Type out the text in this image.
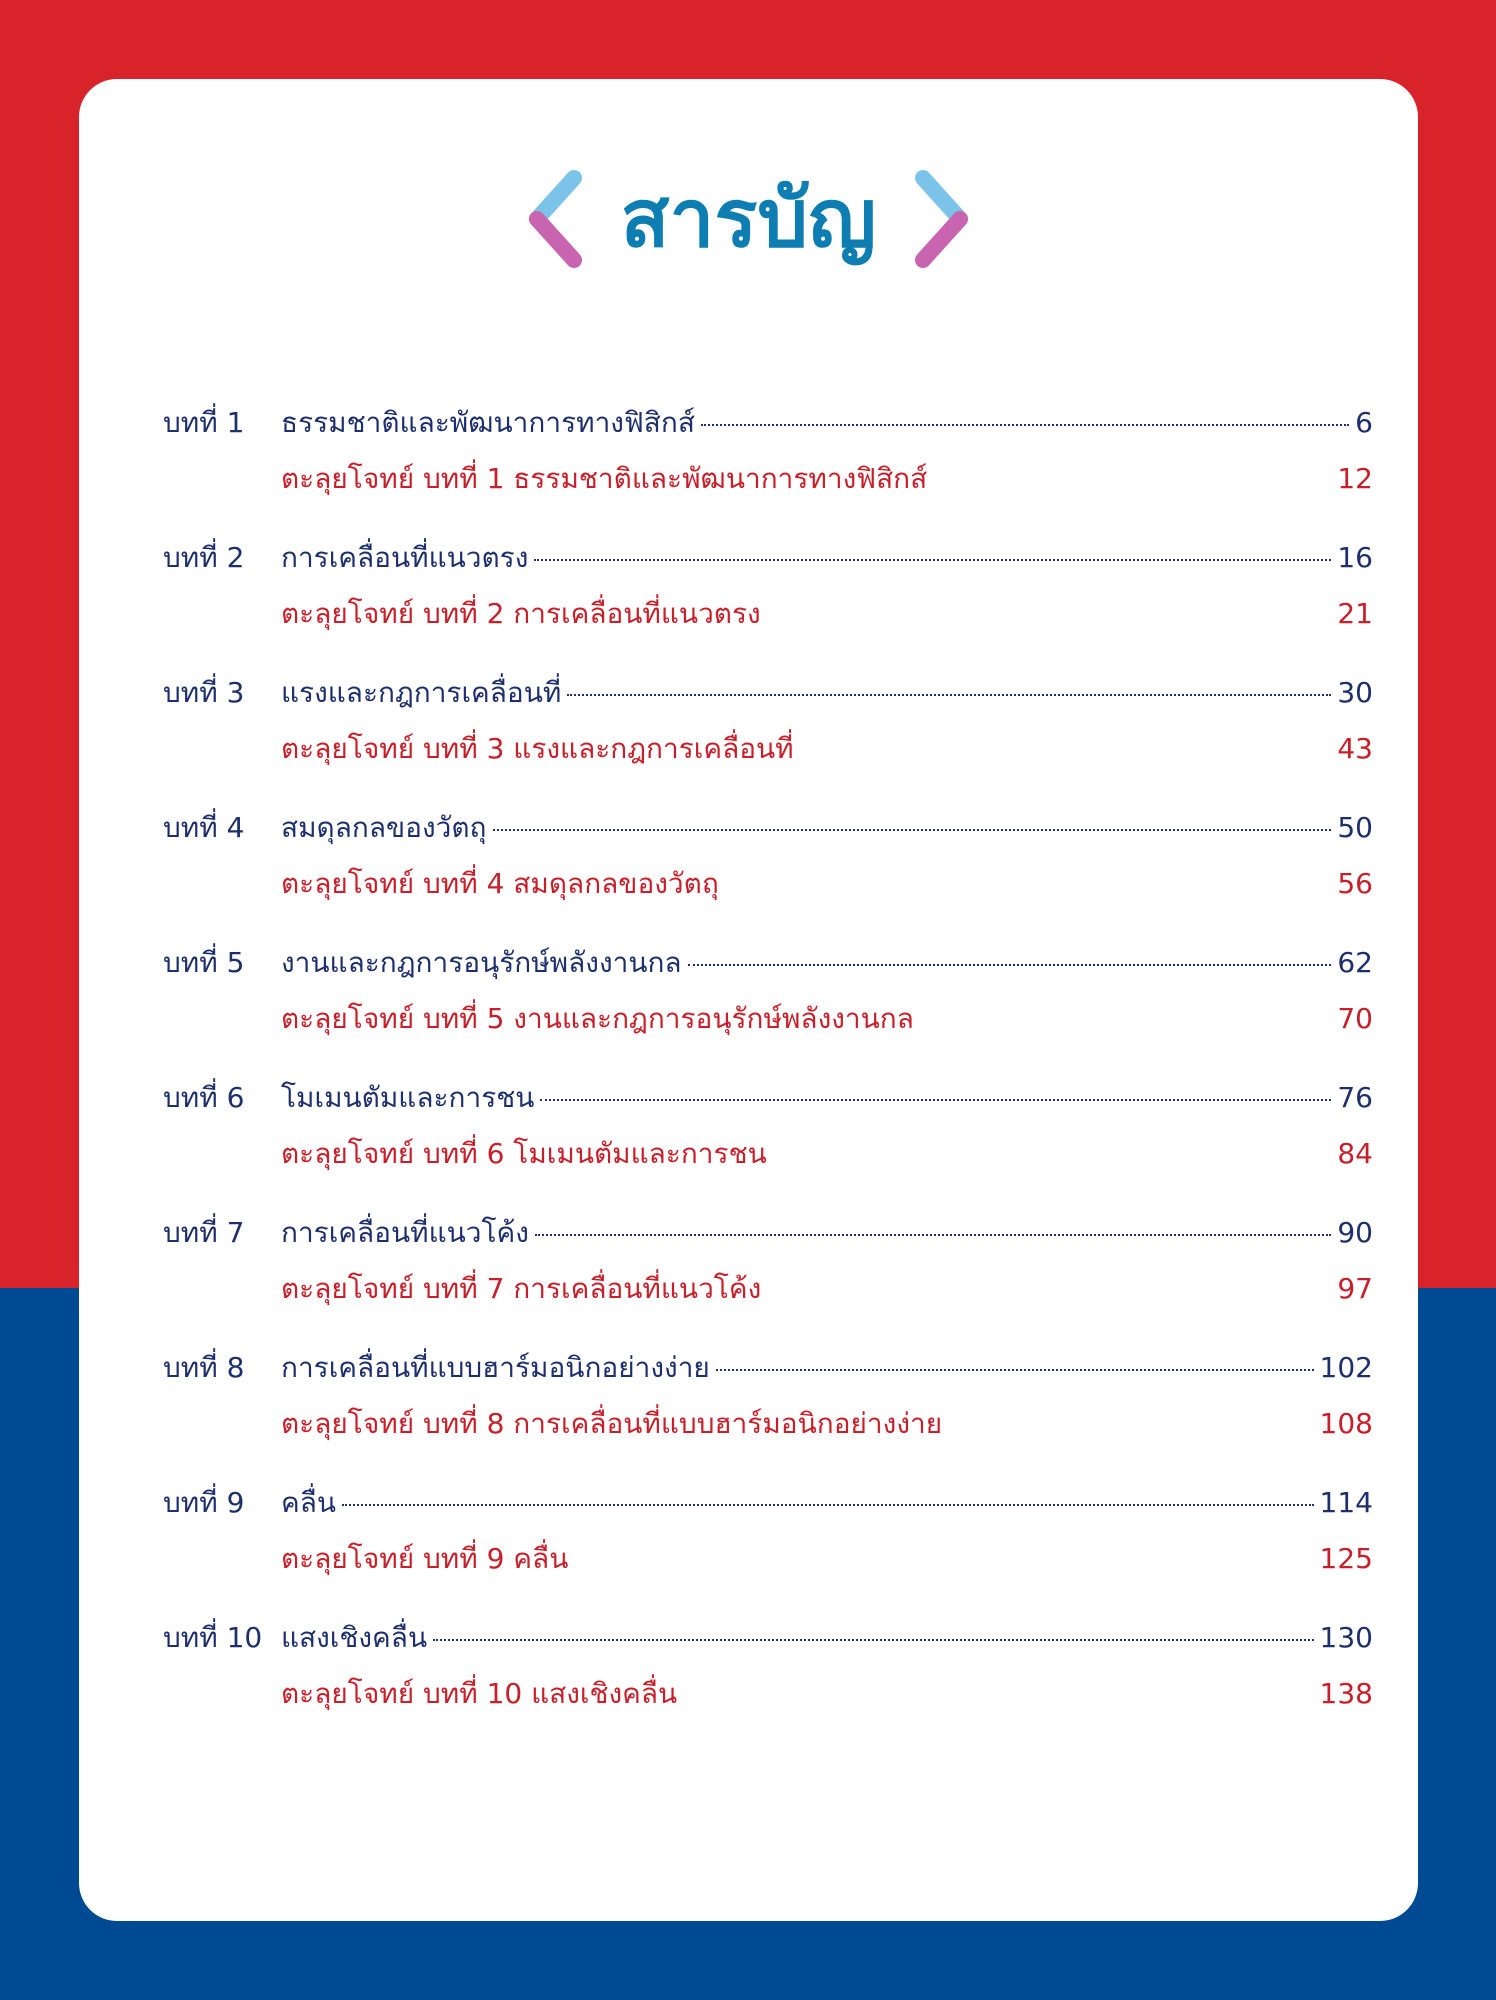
สารบัญ
บทที่ 1	ธรรมชาติและพัฒนาการทางฟิสิกส์	6
ตะลุยโจทย์ บทที่ 1 ธรรมชาติและพัฒนาการทางฟิสิกส์	12
บทที่ 2	การเคลื่อนที่แนวตรง	16
ตะลุยโจทย์ บทที่ 2 การเคลื่อนที่แนวตรง	21
บทที่ 3	แรงและกฎการเคลื่อนที่	30
ตะลุยโจทย์ บทที่ 3 แรงและกฎการเคลื่อนที่	43
บทที่ 4	สมดุลกลของวัตถุ	50
ตะลุยโจทย์ บทที่ 4 สมดุลกลของวัตถุ	56
บทที่ 5	งานและกฎการอนุรักษ์พลังงานกล	62
ตะลุยโจทย์ บทที่ 5 งานและกฎการอนุรักษ์พลังงานกล	70
บทที่ 6	โมเมนตัมและการชน	76
ตะลุยโจทย์ บทที่ 6 โมเมนตัมและการชน	84
บทที่ 7	การเคลื่อนที่แนวโค้ง	90
ตะลุยโจทย์ บทที่ 7 การเคลื่อนที่แนวโค้ง	97
บทที่ 8	การเคลื่อนที่แบบฮาร์มอนิกอย่างง่าย	102
ตะลุยโจทย์ บทที่ 8 การเคลื่อนที่แบบฮาร์มอนิกอย่างง่าย	108
บทที่ 9	คลื่น	114
ตะลุยโจทย์ บทที่ 9 คลื่น	125
บทที่ 10 แสงเชิงคลื่น	130
ตะลุยโจทย์ บทที่ 10 แสงเชิงคลื่น	138
